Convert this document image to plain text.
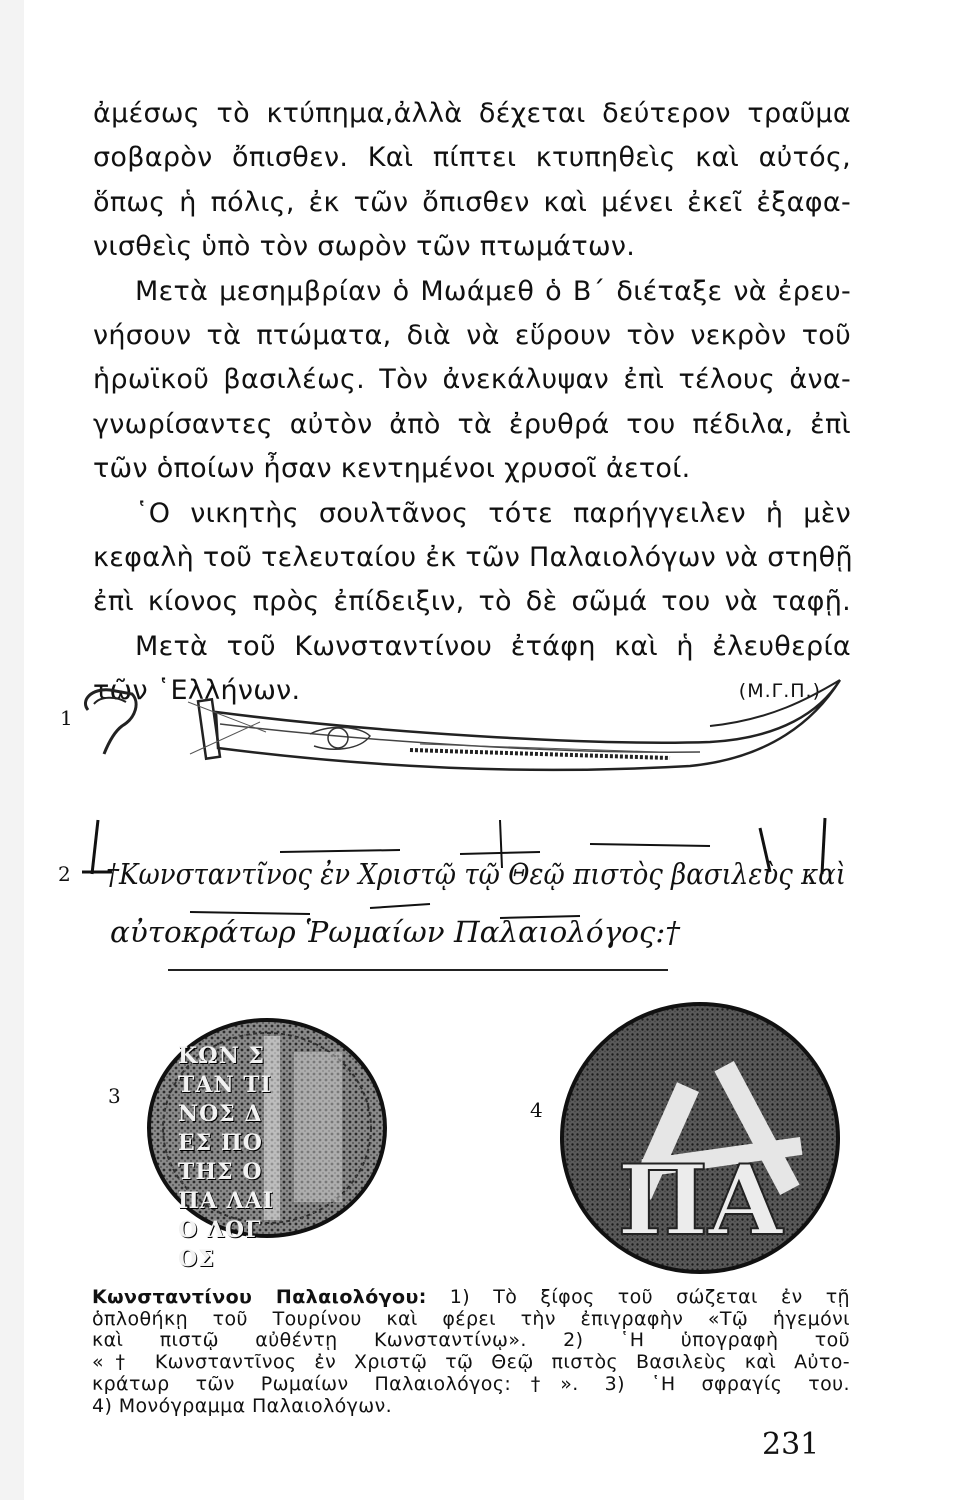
ἀμέσως τὸ κτύπημα,ἀλλὰ δέχεται δεύτερον τραῦμα
σοβαρὸν ὄπισθεν. Καὶ πίπτει κτυπηθεὶς καὶ αὐτός,
ὅπως ἡ πόλις, ἐκ τῶν ὄπισθεν καὶ μένει ἐκεῖ ἐξαφα-
νισθεὶς ὑπὸ τὸν σωρὸν τῶν πτωμάτων.
Μετὰ μεσημβρίαν ὁ Μωάμεθ ὁ Β΄ διέταξε νὰ ἐρευ-
νήσουν τὰ πτώματα, διὰ νὰ εὕρουν τὸν νεκρὸν τοῦ
ἡρωϊκοῦ βασιλέως. Τὸν ἀνεκάλυψαν ἐπὶ τέλους ἀνα-
γνωρίσαντες αὐτὸν ἀπὸ τὰ ἐρυθρά του πέδιλα, ἐπὶ
τῶν ὁποίων ἦσαν κεντημένοι χρυσοῖ ἀετοί.
῾Ο νικητὴς σουλτᾶνος τότε παρήγγειλεν ἡ μὲν
κεφαλὴ τοῦ τελευταίου ἐκ τῶν Παλαιολόγων νὰ στηθῇ
ἐπὶ κίονος πρὸς ἐπίδειξιν, τὸ δὲ σῶμά του νὰ ταφῇ.
Μετὰ τοῦ Κωνσταντίνου ἐτάφη καὶ ἡ ἐλευθερία
τῶν ῾Ελλήνων.	(Μ.Γ.Π.)
1
2 †Κωνσταντῖνος ἐν Χριστῷ τῷ Θεῷ πιστὸς βασιλεὺς καὶ
αὐτοκράτωρ Ῥωμαίων Παλαιολόγος:†
3
ΚΩΝ ΣΤΑΝ ΤΙΝΟΣ ΔΕΣ ΠΟΤΗΣ Ο ΠΑ ΛΑΙΟ ΛΟΓΟΣ
4
ΠΑ
Κωνσταντίνου Παλαιολόγου: 1) Τὸ ξίφος τοῦ σώζεται ἐν τῇ
ὁπλοθήκῃ τοῦ Τουρίνου καὶ φέρει τὴν ἐπιγραφὴν «Τῷ ἡγεμόνι
καὶ πιστῷ αὐθέντῃ Κωνσταντίνῳ». 2) ῾Η ὑπογραφὴ τοῦ
«† Κωνσταντῖνος ἐν Χριστῷ τῷ Θεῷ πιστὸς Βασιλεὺς καὶ Αὐτο-
κράτωρ τῶν Ρωμαίων Παλαιολόγος:†». 3) ῾Η σφραγίς του.
4) Μονόγραμμα Παλαιολόγων.
231
